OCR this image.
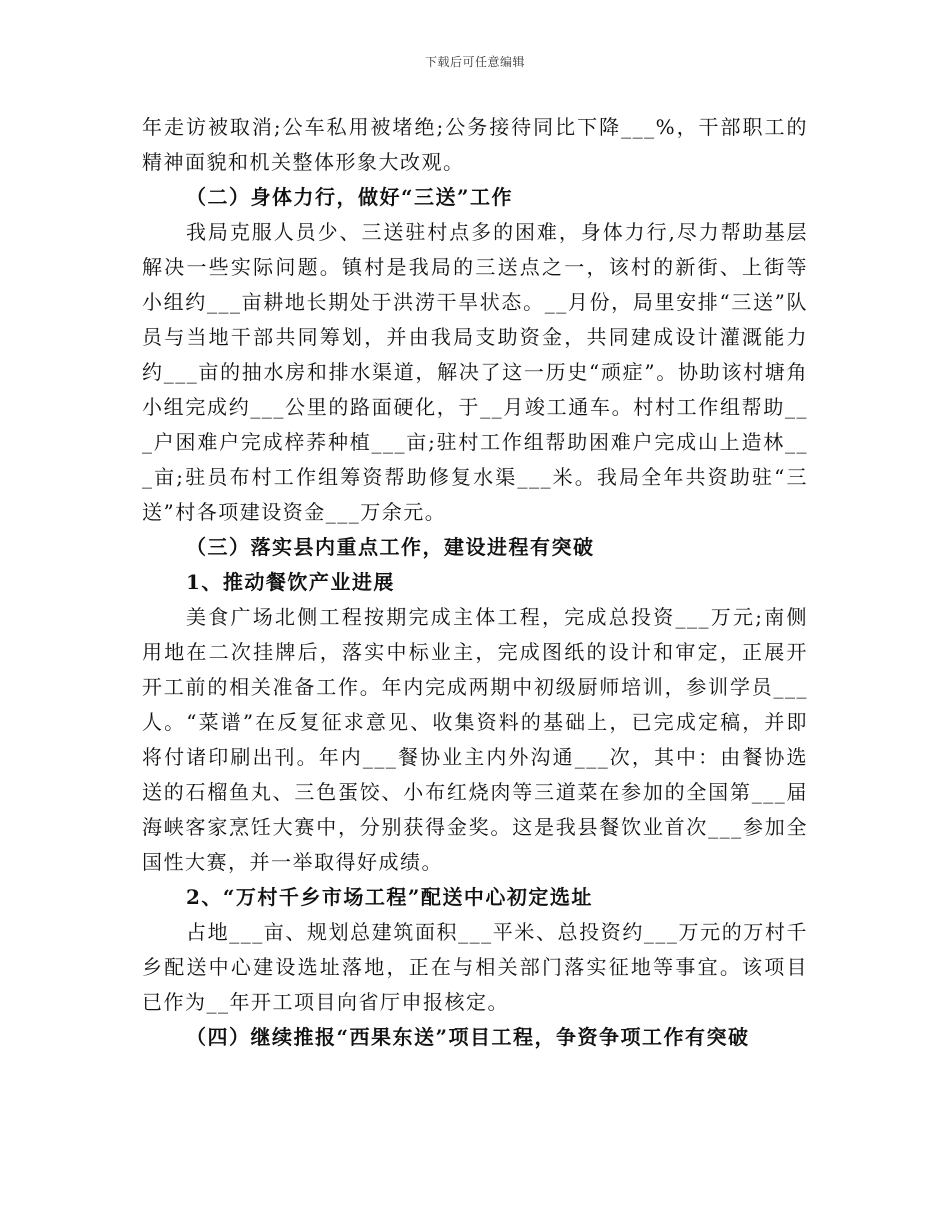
下载后可任意编辑

年走访被取消;公车私用被堵绝;公务接待同比下降___%，干部职工的精神面貌和机关整体形象大改观。

（二）身体力行，做好“三送”工作

我局克服人员少、三送驻村点多的困难，身体力行,尽力帮助基层解决一些实际问题。镇村是我局的三送点之一，该村的新街、上街等小组约___亩耕地长期处于洪涝干旱状态。__月份，局里安排“三送”队员与当地干部共同筹划，并由我局支助资金，共同建成设计灌溉能力约___亩的抽水房和排水渠道，解决了这一历史“顽症”。协助该村塘角小组完成约___公里的路面硬化，于__月竣工通车。村村工作组帮助___户困难户完成梓荞种植___亩;驻村工作组帮助困难户完成山上造林___亩;驻员布村工作组筹资帮助修复水渠___米。我局全年共资助驻“三送”村各项建设资金___万余元。

（三）落实县内重点工作，建设进程有突破

1、推动餐饮产业进展

美食广场北侧工程按期完成主体工程，完成总投资___万元;南侧用地在二次挂牌后，落实中标业主，完成图纸的设计和审定，正展开开工前的相关准备工作。年内完成两期中初级厨师培训，参训学员___人。“菜谱”在反复征求意见、收集资料的基础上，已完成定稿，并即将付诸印刷出刊。年内___餐协业主内外沟通___次，其中：由餐协选送的石榴鱼丸、三色蛋饺、小布红烧肉等三道菜在参加的全国第___届海峡客家烹饪大赛中，分别获得金奖。这是我县餐饮业首次___参加全国性大赛，并一举取得好成绩。

2、“万村千乡市场工程”配送中心初定选址

占地___亩、规划总建筑面积___平米、总投资约___万元的万村千乡配送中心建设选址落地，正在与相关部门落实征地等事宜。该项目已作为__年开工项目向省厅申报核定。

（四）继续推报“西果东送”项目工程，争资争项工作有突破
